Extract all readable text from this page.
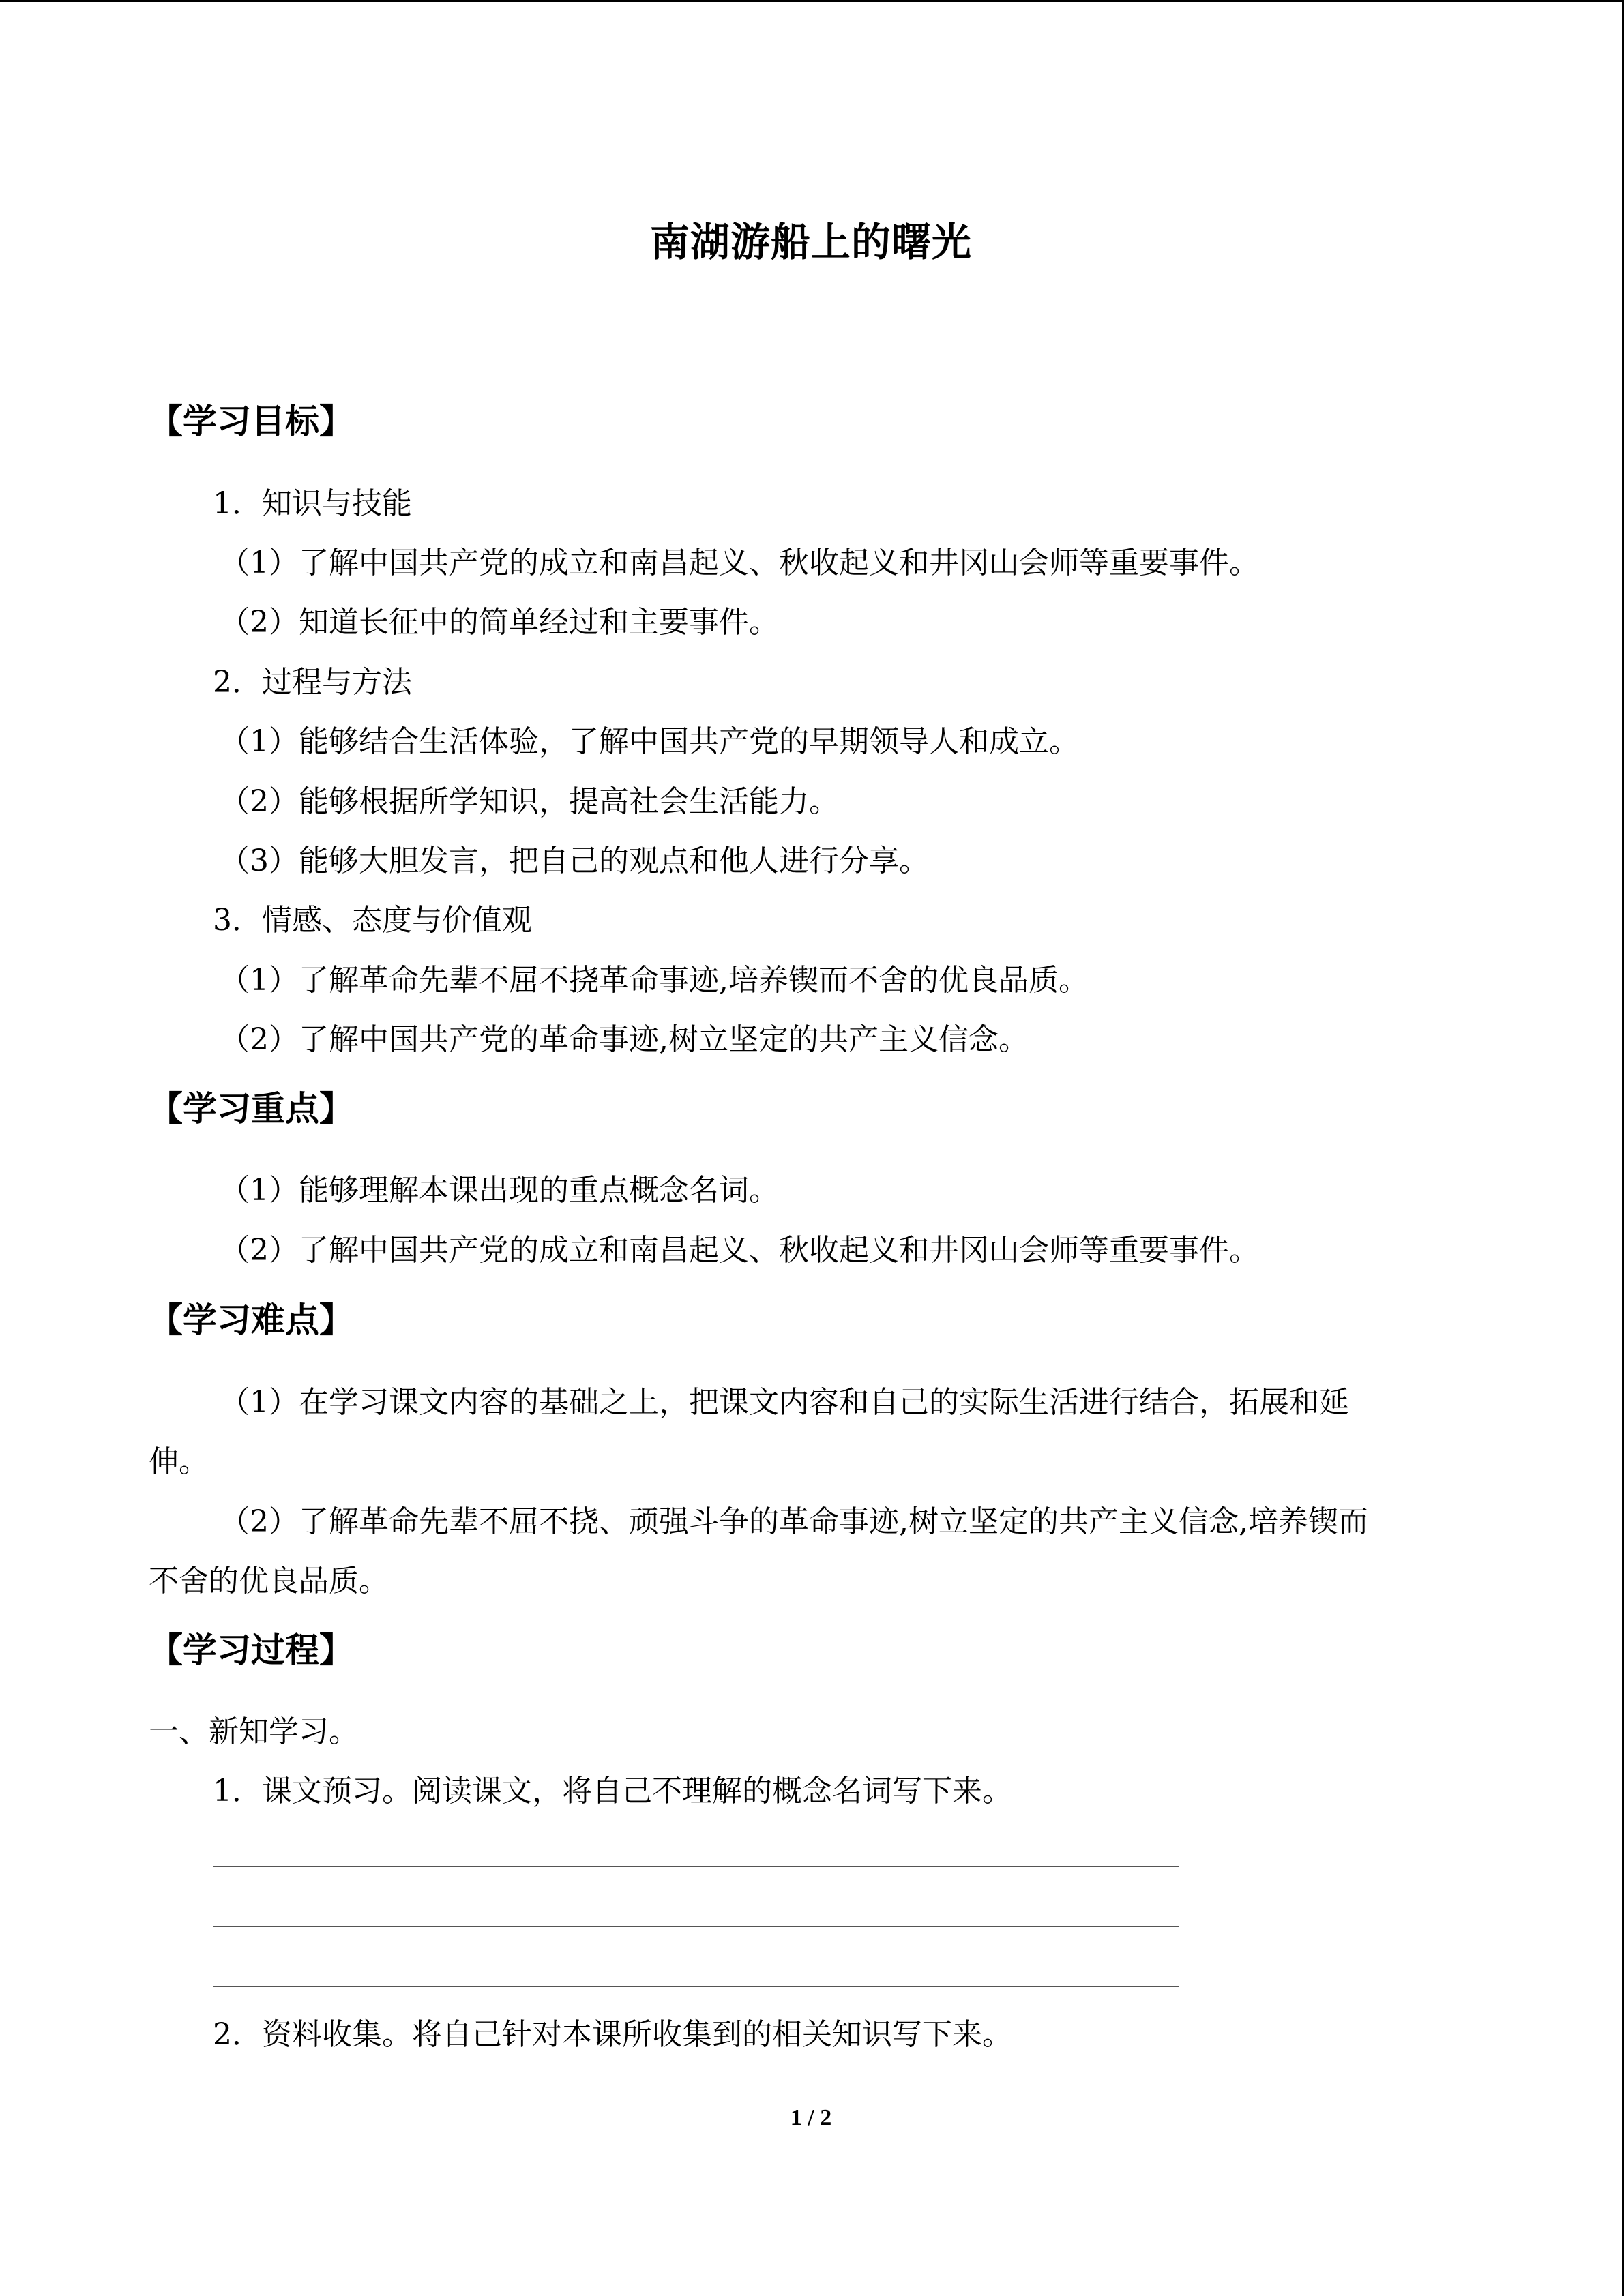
南湖游船上的曙光
【学习目标】
1．知识与技能
（1）了解中国共产党的成立和南昌起义、秋收起义和井冈山会师等重要事件。
（2）知道长征中的简单经过和主要事件。
2．过程与方法
（1）能够结合生活体验，了解中国共产党的早期领导人和成立。
（2）能够根据所学知识，提高社会生活能力。
（3）能够大胆发言，把自己的观点和他人进行分享。
3．情感、态度与价值观
（1）了解革命先辈不屈不挠革命事迹,培养锲而不舍的优良品质。
（2）了解中国共产党的革命事迹,树立坚定的共产主义信念。
【学习重点】
（1）能够理解本课出现的重点概念名词。
（2）了解中国共产党的成立和南昌起义、秋收起义和井冈山会师等重要事件。
【学习难点】
（1）在学习课文内容的基础之上，把课文内容和自己的实际生活进行结合，拓展和延
伸。
（2）了解革命先辈不屈不挠、顽强斗争的革命事迹,树立坚定的共产主义信念,培养锲而
不舍的优良品质。
【学习过程】
一、新知学习。
1．课文预习。阅读课文，将自己不理解的概念名词写下来。
2．资料收集。将自己针对本课所收集到的相关知识写下来。
1 / 2
